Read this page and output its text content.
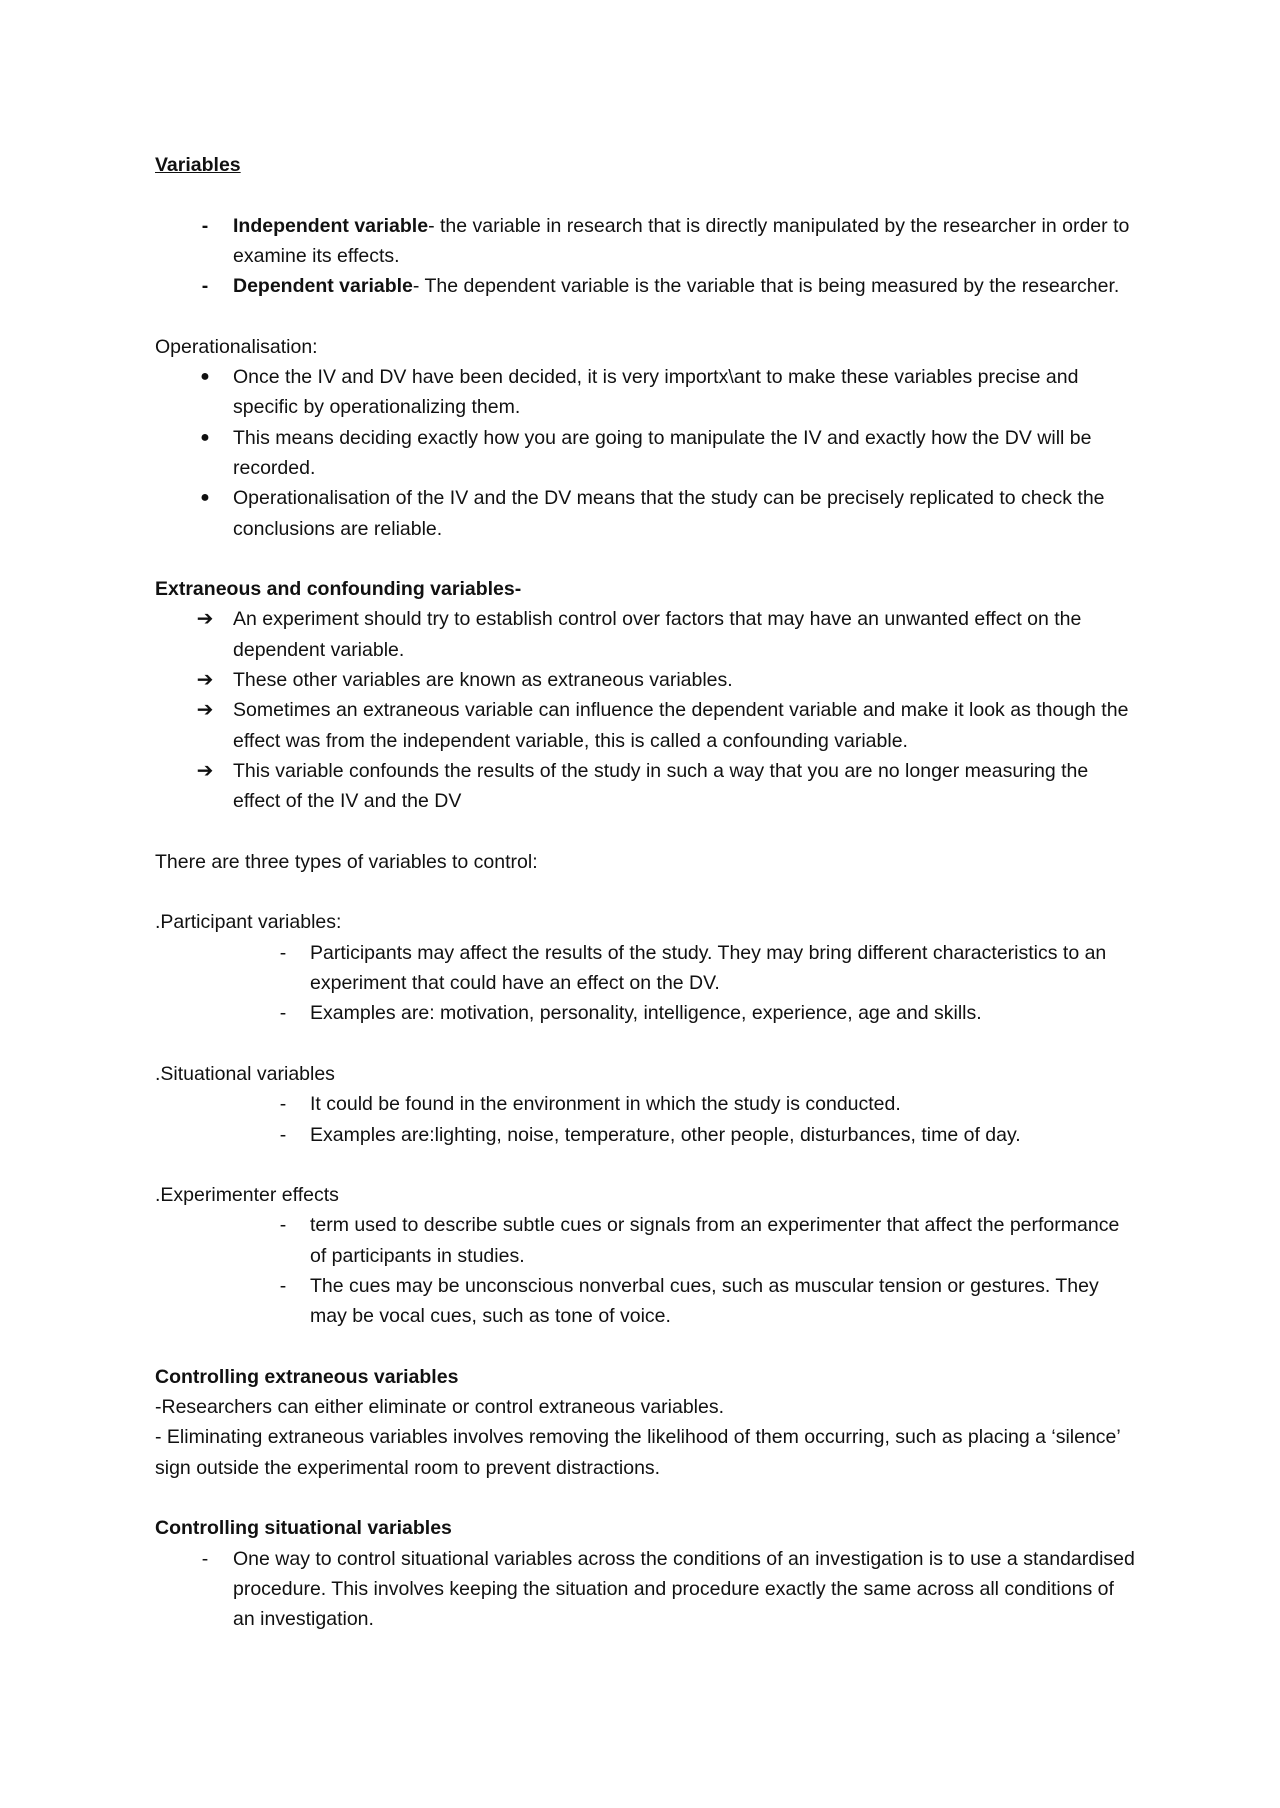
Variables

-	Independent variable- the variable in research that is directly manipulated by the researcher in order to examine its effects.
-	Dependent variable- The dependent variable is the variable that is being measured by the researcher.

Operationalisation:

●	Once the IV and DV have been decided, it is very importx\ant to make these variables precise and specific by operationalizing them.
●	This means deciding exactly how you are going to manipulate the IV and exactly how the DV will be recorded.
●	Operationalisation of the IV and the DV means that the study can be precisely replicated to check the conclusions are reliable.

Extraneous and confounding variables-

➔ An experiment should try to establish control over factors that may have an unwanted effect on the dependent variable.
➔ These other variables are known as extraneous variables.
➔ Sometimes an extraneous variable can influence the dependent variable and make it look as though the effect was from the independent variable, this is called a confounding variable.
➔ This variable confounds the results of the study in such a way that you are no longer measuring the effect of the IV and the DV

There are three types of variables to control:

.Participant variables:

-	Participants may affect the results of the study. They may bring different characteristics to an experiment that could have an effect on the DV.
-	Examples are: motivation, personality, intelligence, experience, age and skills.

.Situational variables

-	It could be found in the environment in which the study is conducted.
-	Examples are:lighting, noise, temperature, other people, disturbances, time of day.

.Experimenter effects

-	term used to describe subtle cues or signals from an experimenter that affect the performance of participants in studies.
-	The cues may be unconscious nonverbal cues, such as muscular tension or gestures. They may be vocal cues, such as tone of voice.

Controlling extraneous variables

-Researchers can either eliminate or control extraneous variables.

- Eliminating extraneous variables involves removing the likelihood of them occurring, such as placing a ‘silence’ sign outside the experimental room to prevent distractions.

Controlling situational variables

-	One way to control situational variables across the conditions of an investigation is to use a standardised procedure. This involves keeping the situation and procedure exactly the same across all conditions of an investigation.
